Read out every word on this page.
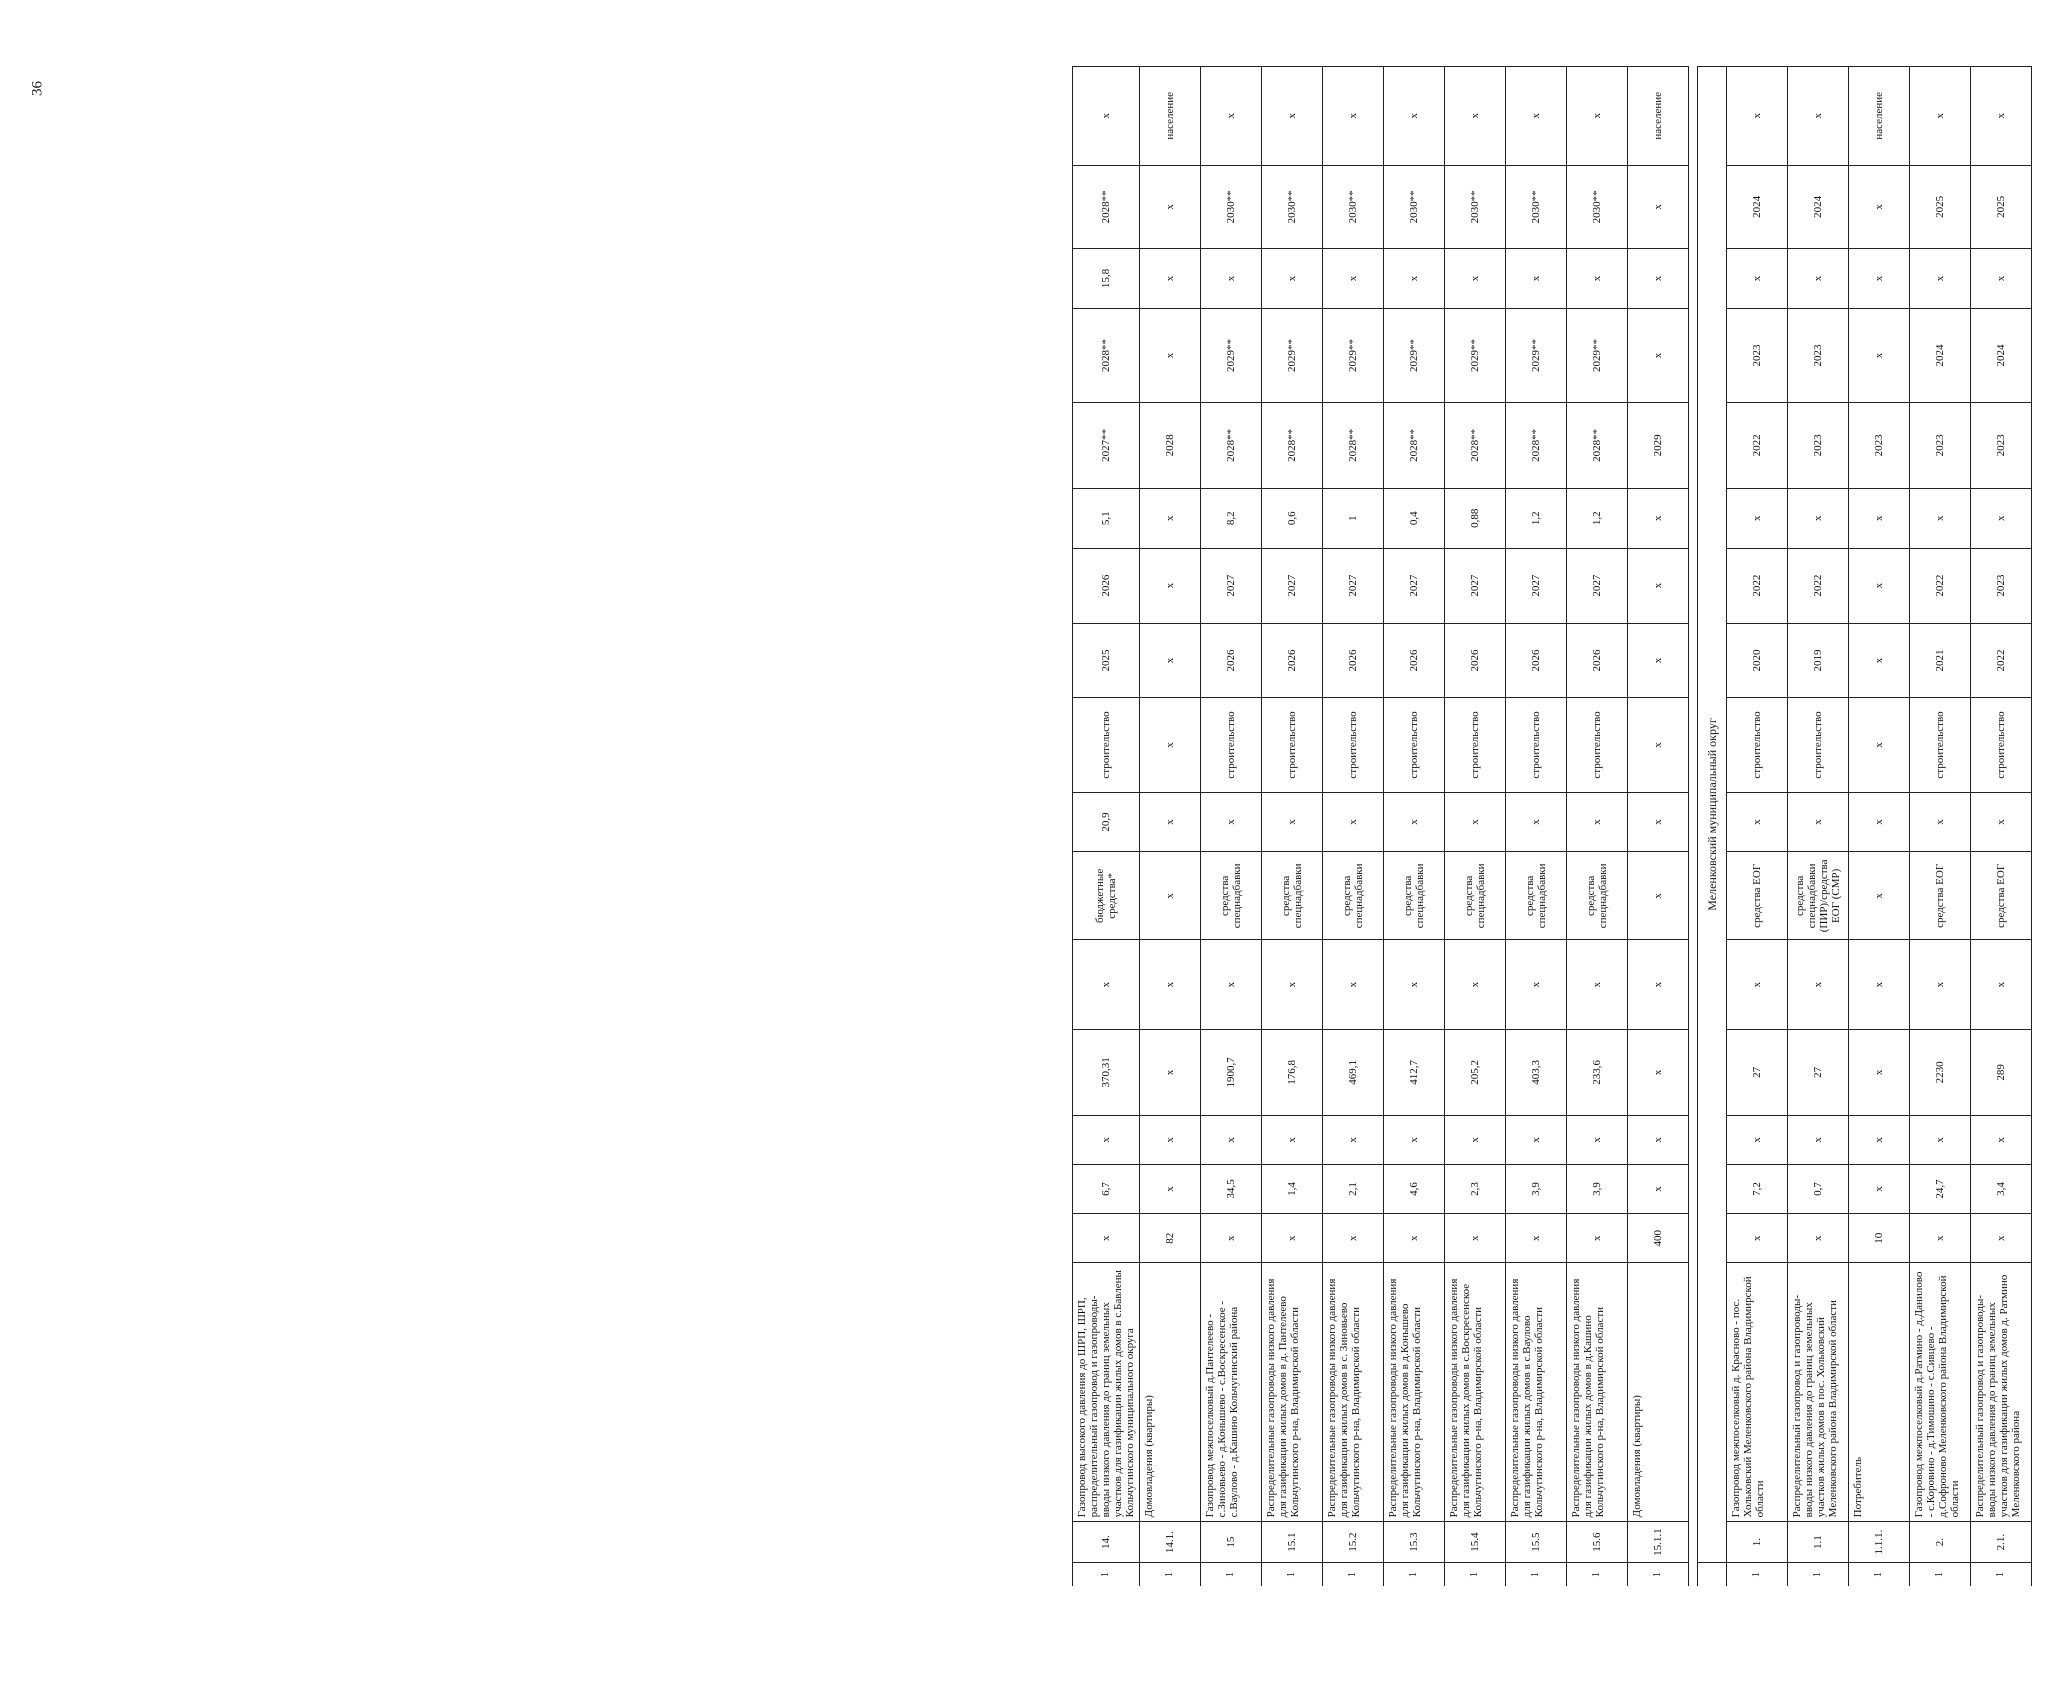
36
1	14.	Газопровод высокого давления до ШРП, ШРП, распределительный газопровод и газопроводы-вводы низкого давления до границ земельных участков для газификации жилых домов в с.Бавлены Кольчугинского муниципального округа	х	6,7	х	370,31	х	бюджетные средства*	20,9	строительство	2025	2026	5,1	2027**	2028**	15,8	2028**	х
1	14.1.	Домовладения (квартиры)	82	х	х	х	х	х	х	х	х	х	х	2028	х	х	х	население
1	15	Газопровод межпоселковый д.Пантелеево - с.Зиновьево - д.Конышево - с.Воскресенское - с.Вауловo - д.Кашино Кольчугинский района	х	34,5	х	1900,7	х	средства спецнадбавки	х	строительство	2026	2027	8,2	2028**	2029**	х	2030**	х
1	15.1	Распределительные газопроводы низкого давления для газификации жилых домов в д. Пантелеево Кольчугинского р-на, Владимирской области	х	1,4	х	176,8	х	средства спецнадбавки	х	строительство	2026	2027	0,6	2028**	2029**	х	2030**	х
1	15.2	Распределительные газопроводы низкого давления для газификации жилых домов в с. Зиновьево Кольчугинского р-на, Владимирской области	х	2,1	х	469,1	х	средства спецнадбавки	х	строительство	2026	2027	1	2028**	2029**	х	2030**	х
1	15.3	Распределительные газопроводы низкого давления для газификации жилых домов в д.Конышево Кольчугинского р-на, Владимирской области	х	4,6	х	412,7	х	средства спецнадбавки	х	строительство	2026	2027	0,4	2028**	2029**	х	2030**	х
1	15.4	Распределительные газопроводы низкого давления для газификации жилых домов в с.Воскресенское Кольчугинского р-на, Владимирской области	х	2,3	х	205,2	х	средства спецнадбавки	х	строительство	2026	2027	0,88	2028**	2029**	х	2030**	х
1	15.5	Распределительные газопроводы низкого давления для газификации жилых домов в с.Вауловo Кольчугинского р-на, Владимирской области	х	3,9	х	403,3	х	средства спецнадбавки	х	строительство	2026	2027	1,2	2028**	2029**	х	2030**	х
1	15.6	Распределительные газопроводы низкого давления для газификации жилых домов в д.Кашино Кольчугинского р-на, Владимирской области	х	3,9	х	233,6	х	средства спецнадбавки	х	строительство	2026	2027	1,2	2028**	2029**	х	2030**	х
1	15.1.1	Домовладения (квартиры)	400	х	х	х	х	х	х	х	х	х	х	2029	х	х	х	население

	Меленковский муниципальный округ																	
1	1.	Газопровод межпоселковый д. Красново - пос. Хольковский Меленковского района Владимирской области	х	7,2	х	27	х	средства ЕОГ	х	строительство	2020	2022	х	2022	2023	х	2024	х
1	1.1	Распределительный газопровод и газопроводы-вводы низкого давления до границ земельных участков жилых домов в пос. Хольковский Меленковского района Владимирской области	х	0,7	х	27	х	средства спецнадбавки (ПИР)/средства ЕОГ (СМР)	х	строительство	2019	2022	х	2023	2023	х	2024	х
1	1.1.1.	Потребитель	10	х	х	х	х	х	х	х	х	х	х	2023	х	х	х	население
1	2.	Газопровод межпоселковый д.Ратмино - д.Данилово - с.Коровино - д.Тимошино - с.Сивцево - д.Софроново Меленковского района Владимирской области	х	24,7	х	2230	х	средства ЕОГ	х	строительство	2021	2022	х	2023	2024	х	2025	х
1	2.1.	Распределительный газопровод и газопроводы-вводы низкого давления до границ земельных участков для газификации жилых домов д. Ратмино Меленковского района	х	3,4	х	289	х	средства ЕОГ	х	строительство	2022	2023	х	2023	2024	х	2025	х
